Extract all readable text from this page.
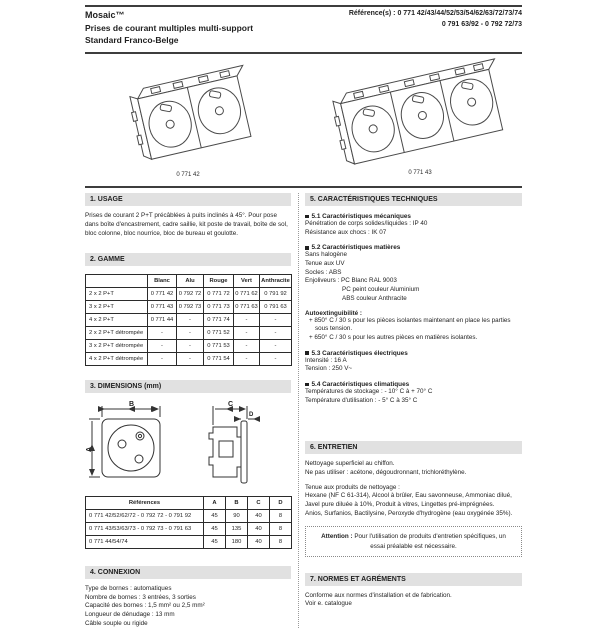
Mosaic™
Prises de courant multiples multi-support
Standard Franco-Belge
Référence(s) : 0 771 42/43/44/52/53/54/62/63/72/73/74
0 791 63/92 - 0 792 72/73
0 771 42	0 771 43
1. USAGE
Prises de courant 2 P+T précâblées à puits inclinés à 45°. Pour pose dans boîte d'encastrement, cadre saillie, kit poste de travail, boîte de sol, bloc colonne, bloc nourrice, bloc de bureau et goulotte.
2. GAMME
	Blanc	Alu	Rouge	Vert	Anthracite
2 x 2 P+T	0 771 42	0 792 72	0 771 72	0 771 62	0 791 92
3 x 2 P+T	0 771 43	0 792 73	0 771 73	0 771 63	0 791 63
4 x 2 P+T	0 771 44	-	0 771 74	-	-
2 x 2 P+T détrompée	-	-	0 771 52	-	-
3 x 2 P+T détrompée	-	-	0 771 53	-	-
4 x 2 P+T détrompée	-	-	0 771 54	-	-
3. DIMENSIONS (mm)
B
A
C
D
Références	A	B	C	D
0 771 42/52/62/72 - 0 792 72 - 0 791 92	45	90	40	8
0 771 43/53/63/73 - 0 792 73 - 0 791 63	45	135	40	8
0 771 44/54/74	45	180	40	8
4. CONNEXION
Type de bornes : automatiques
Nombre de bornes : 3 entrées, 3 sorties
Capacité des bornes : 1,5 mm² ou 2,5 mm²
Longueur de dénudage : 13 mm
Câble souple ou rigide
5. CARACTÉRISTIQUES TECHNIQUES
5.1 Caractéristiques mécaniques
Pénétration de corps solides/liquides : IP 40
Résistance aux chocs : IK 07
5.2 Caractéristiques matières
Sans halogène
Tenue aux UV
Socles : ABS
Enjoliveurs : PC Blanc RAL 9003
PC peint couleur Aluminium
ABS couleur Anthracite
Autoextinguibilité :
+ 850° C / 30 s pour les pièces isolantes maintenant en place les parties sous tension.
+ 650° C / 30 s pour les autres pièces en matières isolantes.
5.3 Caractéristiques électriques
Intensité : 16 A
Tension : 250 V~
5.4 Caractéristiques climatiques
Températures de stockage : - 10° C à + 70° C
Température d'utilisation : - 5° C à 35° C
6. ENTRETIEN
Nettoyage superficiel au chiffon.
Ne pas utiliser : acétone, dégoudronnant, trichloréthylène.
Tenue aux produits de nettoyage :
Hexane (NF C 61-314), Alcool à brûler, Eau savonneuse, Ammoniac dilué, Javel pure diluée à 10%, Produit à vitres, Lingettes pré-imprégnées.
Anios, Surfanios, Bactilysine, Peroxyde d'hydrogène (eau oxygénée 35%).
Attention : Pour l'utilisation de produits d'entretien spécifiques, un essai préalable est nécessaire.
7. NORMES ET AGRÉMENTS
Conforme aux normes d'installation et de fabrication.
Voir e. catalogue
